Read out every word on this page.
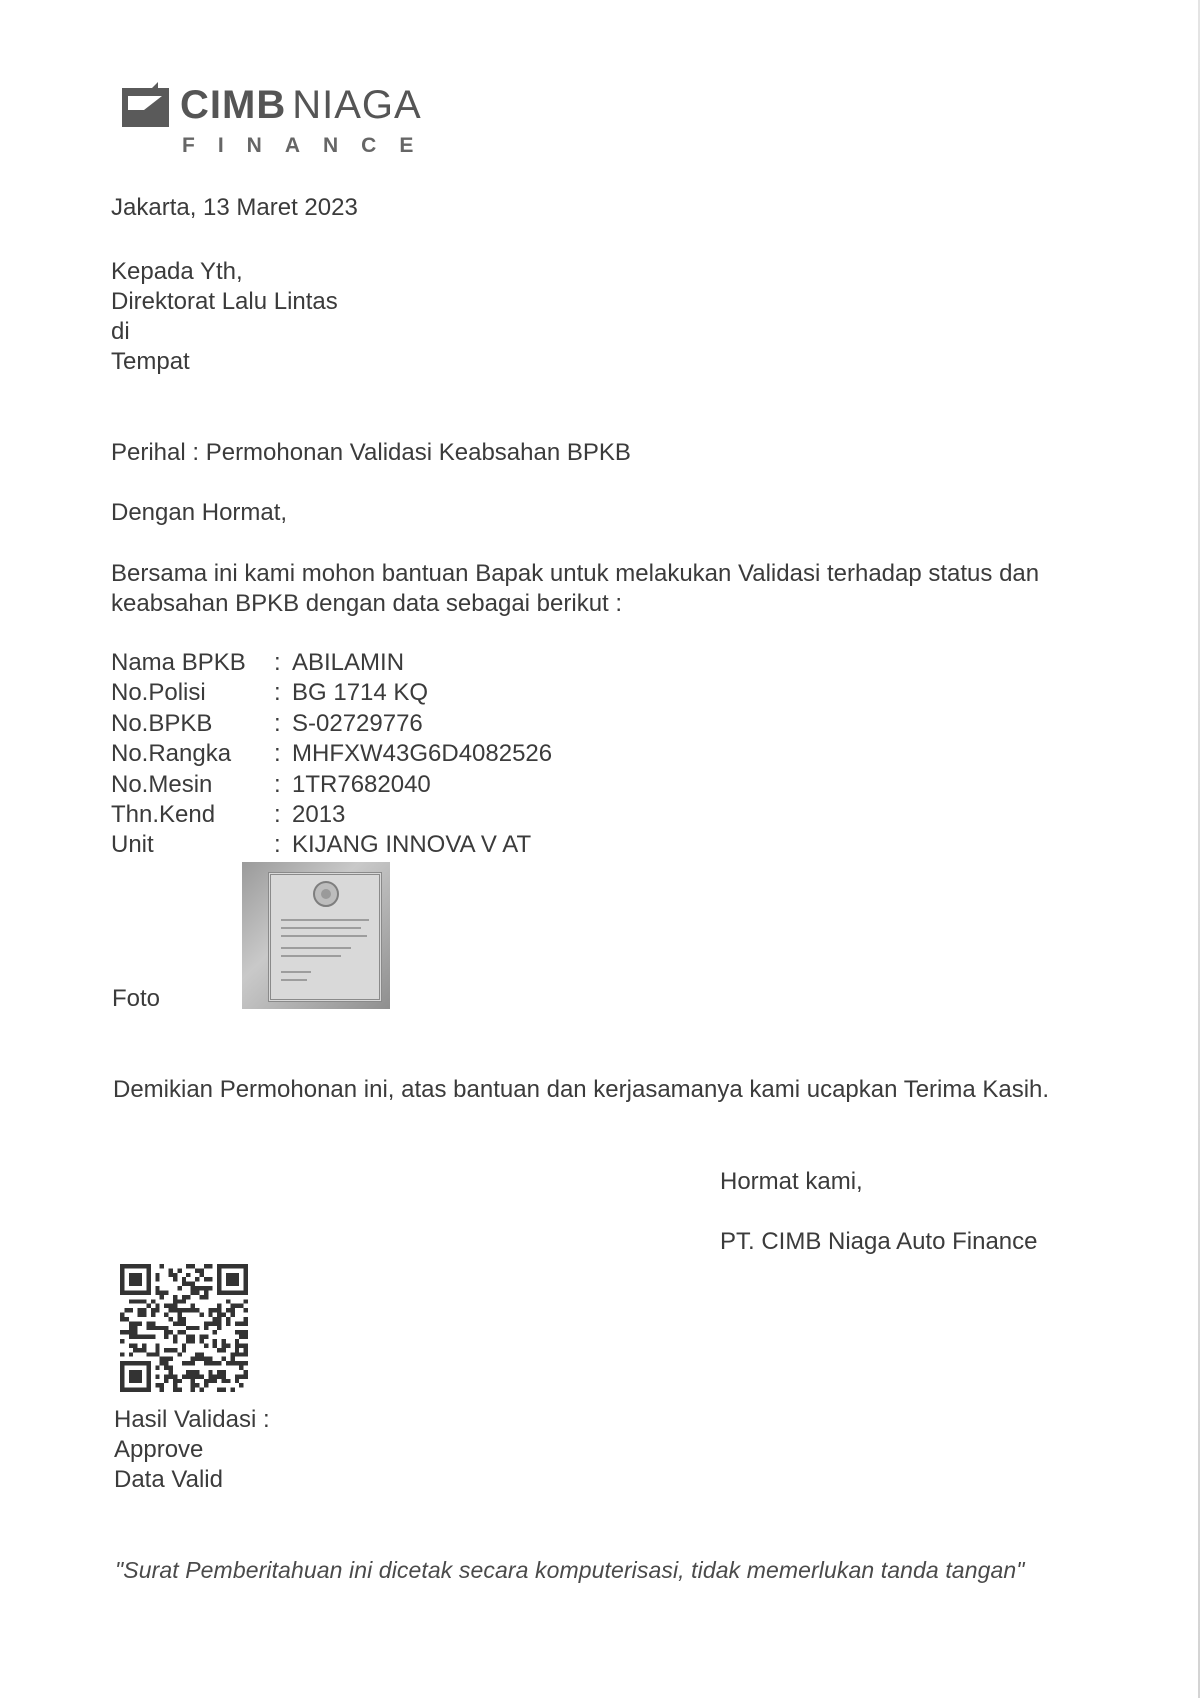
CIMB NIAGA
FINANCE
Jakarta, 13 Maret 2023
Kepada Yth,
Direktorat Lalu Lintas
di
Tempat
Perihal : Permohonan Validasi Keabsahan BPKB
Dengan Hormat,
Bersama ini kami mohon bantuan Bapak untuk melakukan Validasi terhadap status dan
keabsahan BPKB dengan data sebagai berikut :
Nama BPKB	:	ABILAMIN
No.Polisi	:	BG 1714 KQ
No.BPKB	:	S-02729776
No.Rangka	:	MHFXW43G6D4082526
No.Mesin	:	1TR7682040
Thn.Kend	:	2013
Unit	:	KIJANG INNOVA V AT
Foto
Demikian Permohonan ini, atas bantuan dan kerjasamanya kami ucapkan Terima Kasih.
Hormat kami,
PT. CIMB Niaga Auto Finance
Hasil Validasi :
Approve
Data Valid
"Surat Pemberitahuan ini dicetak secara komputerisasi, tidak memerlukan tanda tangan"
